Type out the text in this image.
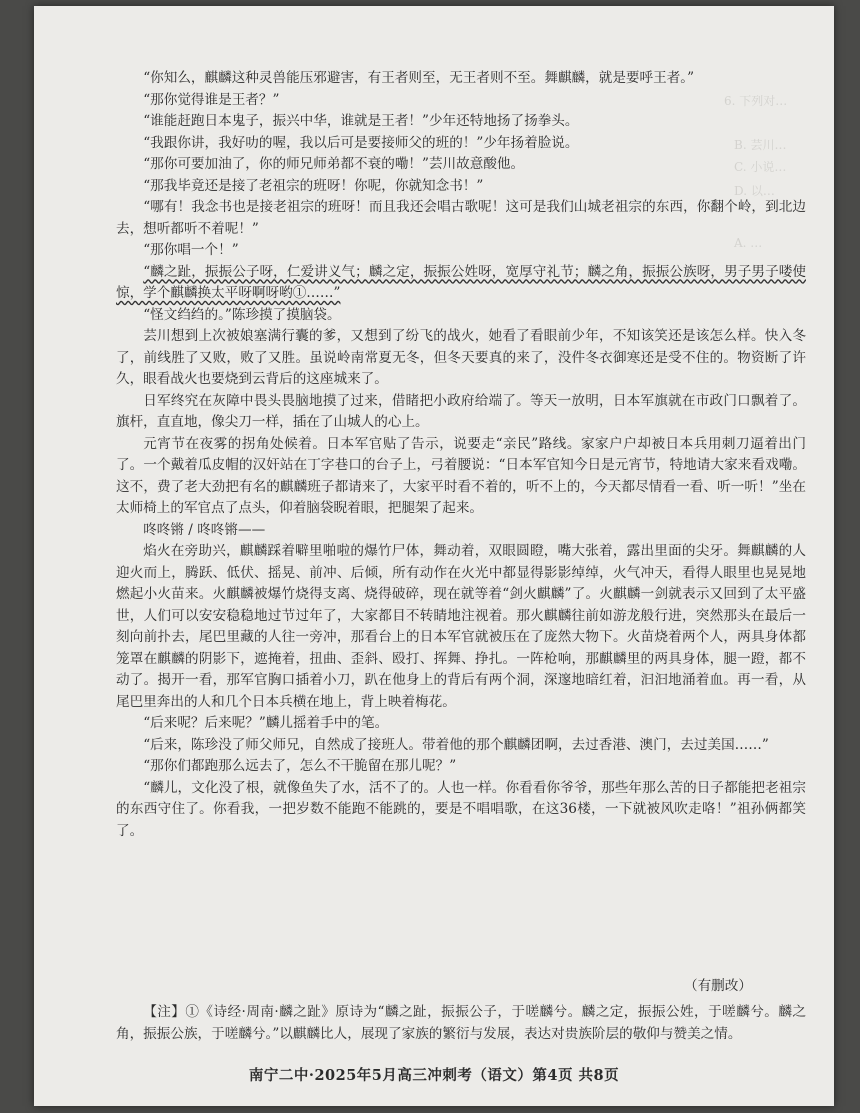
6. 下列对…
B. 芸川…
C. 小说…
D. 以…
A. …

“你知么，麒麟这种灵兽能压邪避害，有王者则至，无王者则不至。舞麒麟，就是要呼王者。”

“那你觉得谁是王者？”

“谁能赶跑日本鬼子，振兴中华，谁就是王者！”少年还特地扬了扬拳头。

“我跟你讲，我好叻的喔，我以后可是要接师父的班的！”少年扬着脸说。

“那你可要加油了，你的师兄师弟都不衰的嘞！”芸川故意酸他。

“那我毕竟还是接了老祖宗的班呀！你呢，你就知念书！”

“哪有！我念书也是接老祖宗的班呀！而且我还会唱古歌呢！这可是我们山城老祖宗的东西，你翻个岭，到北边去，想听都听不着呢！”

“那你唱一个！”

“麟之趾，振振公子呀，仁爱讲义气；麟之定，振振公姓呀，宽厚守礼节；麟之角，振振公族呀，男子男子喽使惊，学个麒麟换太平呀啊呀哟①……”

“怪文绉绉的。”陈珍摸了摸脑袋。

芸川想到上次被娘塞满行囊的爹，又想到了纷飞的战火，她看了看眼前少年，不知该笑还是该怎么样。快入冬了，前线胜了又败，败了又胜。虽说岭南常夏无冬，但冬天要真的来了，没件冬衣御寒还是受不住的。物资断了许久，眼看战火也要烧到云背后的这座城来了。

日军终究在灰障中畏头畏脑地摸了过来，借睹把小政府给端了。等天一放明，日本军旗就在市政门口飘着了。旗杆，直直地，像尖刀一样，插在了山城人的心上。

元宵节在夜雾的拐角处候着。日本军官贴了告示，说要走“亲民”路线。家家户户却被日本兵用刺刀逼着出门了。一个戴着瓜皮帽的汉奸站在丁字巷口的台子上，弓着腰说：“日本军官知今日是元宵节，特地请大家来看戏嘞。这不，费了老大劲把有名的麒麟班子都请来了，大家平时看不着的，听不上的，今天都尽情看一看、听一听！”坐在太师椅上的军官点了点头，仰着脑袋睨着眼，把腿架了起来。

咚咚锵 / 咚咚锵——

焰火在旁助兴，麒麟踩着噼里啪啦的爆竹尸体，舞动着，双眼圆瞪，嘴大张着，露出里面的尖牙。舞麒麟的人迎火而上，腾跃、低伏、摇晃、前冲、后倾，所有动作在火光中都显得影影绰绰，火气冲天，看得人眼里也晃晃地燃起小火苗来。火麒麟被爆竹烧得支离、烧得破碎，现在就等着“剑火麒麟”了。火麒麟一剑就表示又回到了太平盛世，人们可以安安稳稳地过节过年了，大家都目不转睛地注视着。那火麒麟往前如游龙般行进，突然那头在最后一刻向前扑去，尾巴里藏的人往一旁冲，那看台上的日本军官就被压在了庞然大物下。火苗烧着两个人，两具身体都笼罩在麒麟的阴影下，遮掩着，扭曲、歪斜、殴打、挥舞、挣扎。一阵枪响，那麒麟里的两具身体，腿一蹬，都不动了。揭开一看，那军官胸口插着小刀，趴在他身上的背后有两个洞，深邃地暗红着，汩汩地涌着血。再一看，从尾巴里奔出的人和几个日本兵横在地上，背上映着梅花。

“后来呢？后来呢？”麟儿摇着手中的笔。

“后来，陈珍没了师父师兄，自然成了接班人。带着他的那个麒麟团啊，去过香港、澳门，去过美国……”

“那你们都跑那么远去了，怎么不干脆留在那儿呢？”

“麟儿，文化没了根，就像鱼失了水，活不了的。人也一样。你看看你爷爷，那些年那么苦的日子都能把老祖宗的东西守住了。你看我，一把岁数不能跑不能跳的，要是不唱唱歌，在这36楼，一下就被风吹走咯！”祖孙俩都笑了。

（有删改）
【注】①《诗经·周南·麟之趾》原诗为“麟之趾，振振公子，于嗟麟兮。麟之定，振振公姓，于嗟麟兮。麟之角，振振公族，于嗟麟兮。”以麒麟比人，展现了家族的繁衍与发展，表达对贵族阶层的敬仰与赞美之情。
南宁二中·2025年5月高三冲刺考（语文）第4页 共8页
